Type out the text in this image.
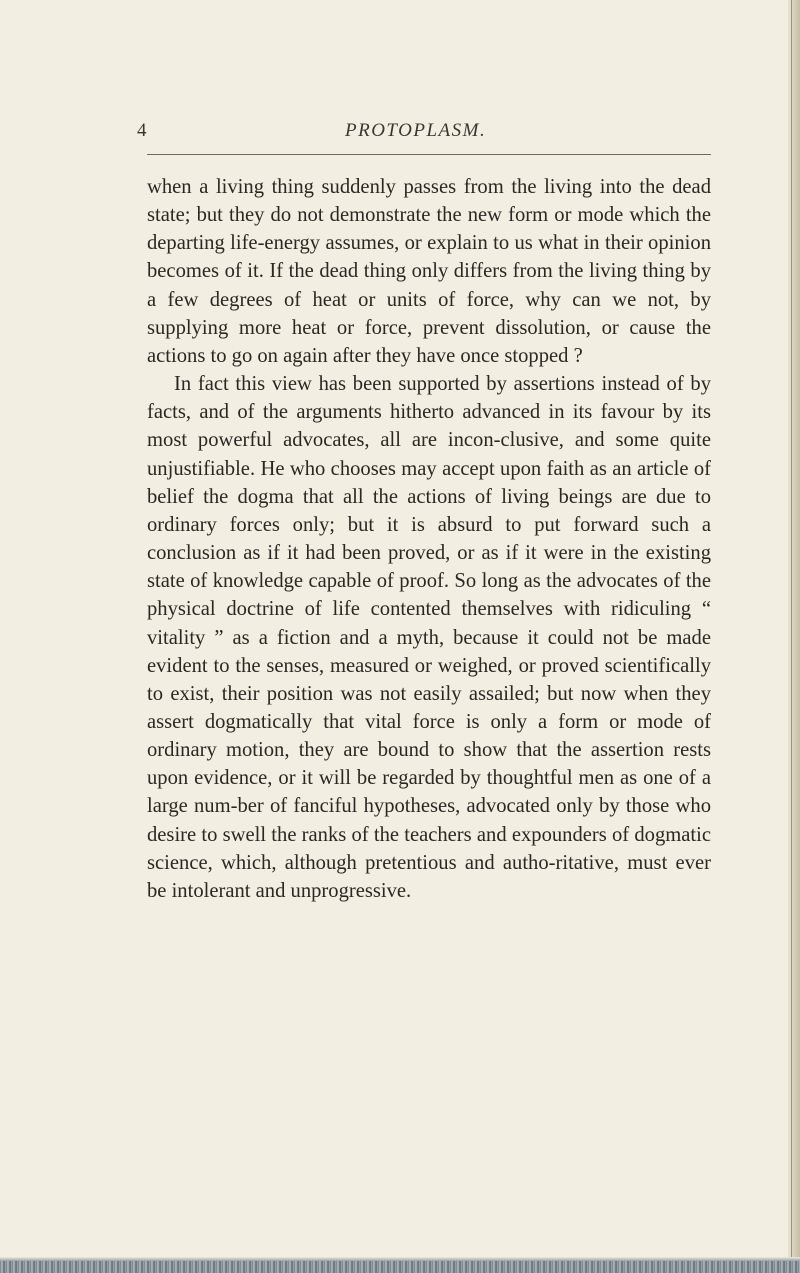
4	PROTOPLASM.

when a living thing suddenly passes from the living into the dead state; but they do not demonstrate the new form or mode which the departing life-energy assumes, or explain to us what in their opinion becomes of it. If the dead thing only differs from the living thing by a few degrees of heat or units of force, why can we not, by supplying more heat or force, prevent dissolution, or cause the actions to go on again after they have once stopped ?

In fact this view has been supported by assertions instead of by facts, and of the arguments hitherto advanced in its favour by its most powerful advocates, all are incon-clusive, and some quite unjustifiable. He who chooses may accept upon faith as an article of belief the dogma that all the actions of living beings are due to ordinary forces only; but it is absurd to put forward such a conclusion as if it had been proved, or as if it were in the existing state of knowledge capable of proof. So long as the advocates of the physical doctrine of life contented themselves with ridiculing “ vitality ” as a fiction and a myth, because it could not be made evident to the senses, measured or weighed, or proved scientifically to exist, their position was not easily assailed; but now when they assert dogmatically that vital force is only a form or mode of ordinary motion, they are bound to show that the assertion rests upon evidence, or it will be regarded by thoughtful men as one of a large num-ber of fanciful hypotheses, advocated only by those who desire to swell the ranks of the teachers and expounders of dogmatic science, which, although pretentious and autho-ritative, must ever be intolerant and unprogressive.
